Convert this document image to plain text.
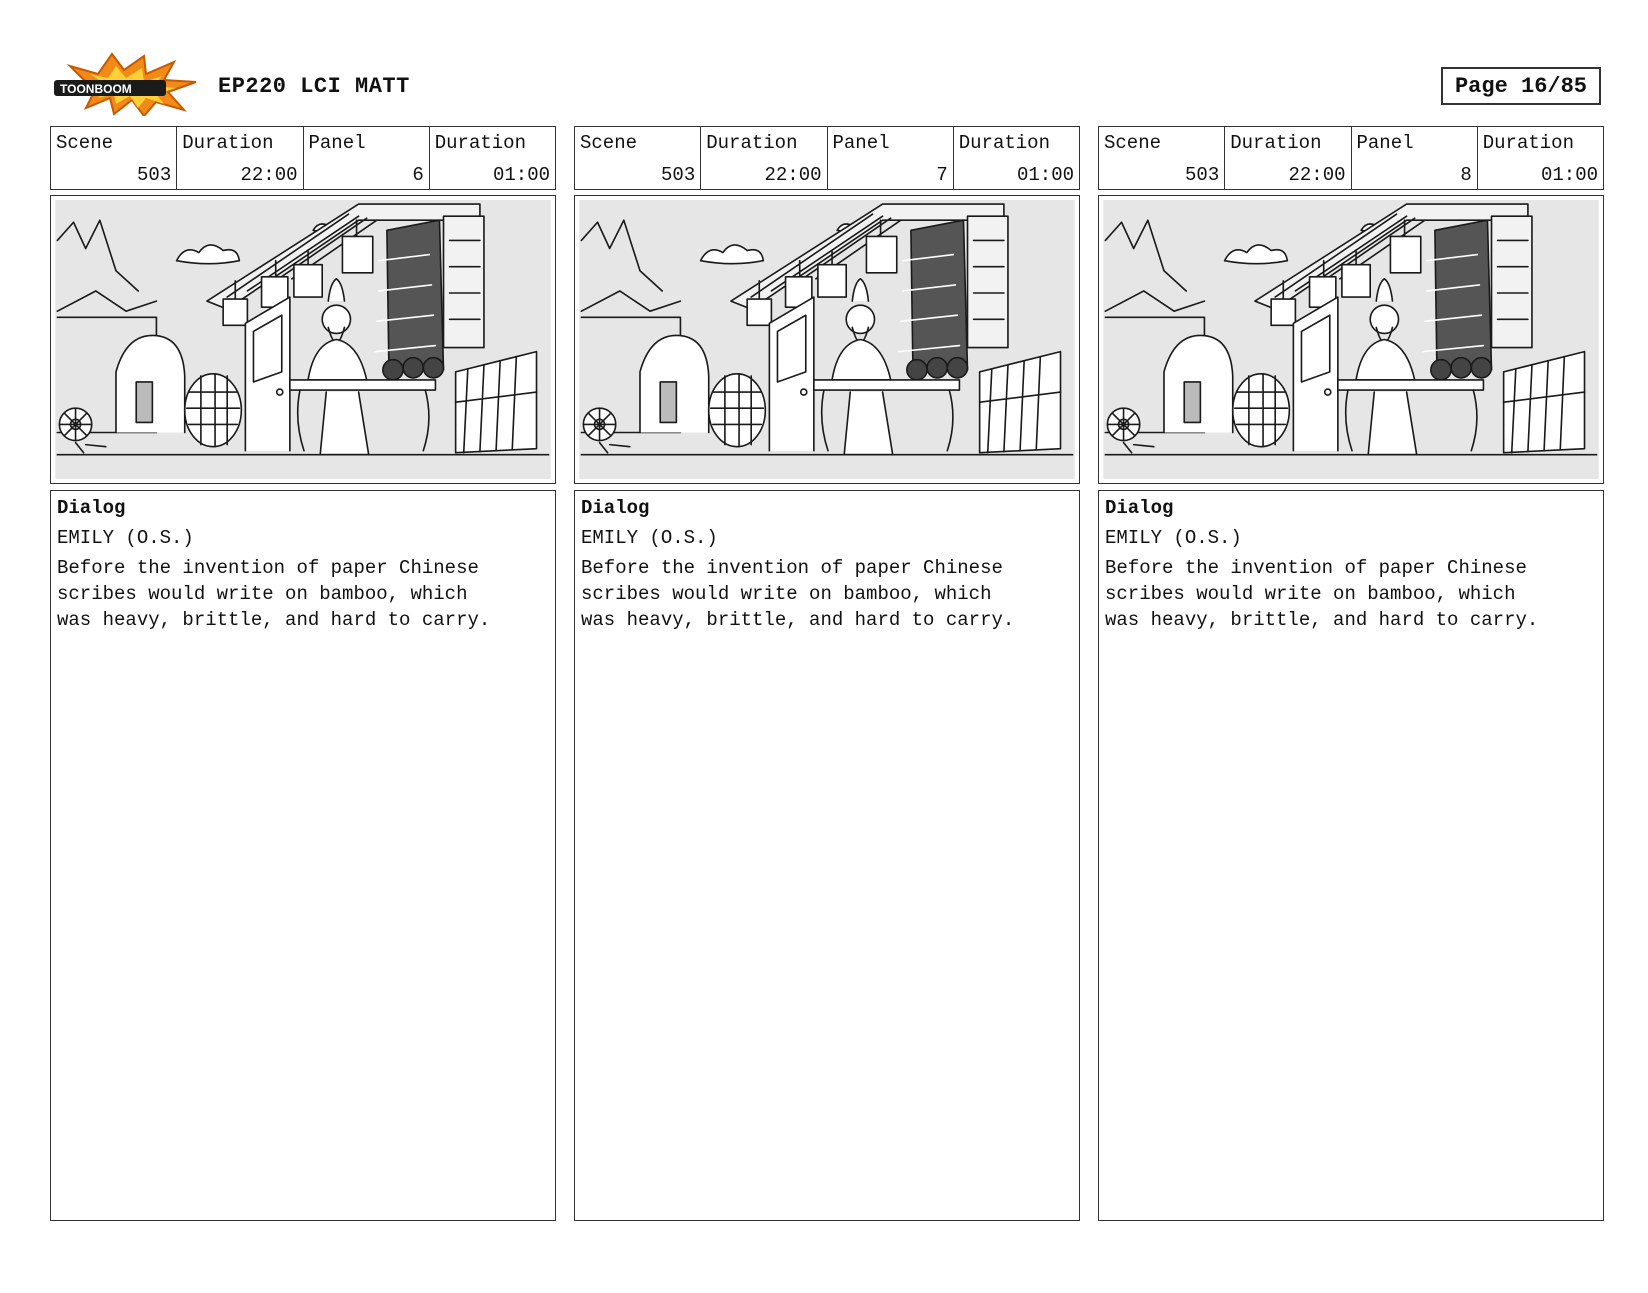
TOONBOOM	EP220 LCI MATT	Page 16/85
Scene
503
Duration
22:00
Panel
6
Duration
01:00
Dialog
EMILY (O.S.)
Before the invention of paper Chinese
scribes would write on bamboo, which
was heavy, brittle, and hard to carry.
Scene
503
Duration
22:00
Panel
7
Duration
01:00
Dialog
EMILY (O.S.)
Before the invention of paper Chinese
scribes would write on bamboo, which
was heavy, brittle, and hard to carry.
Scene
503
Duration
22:00
Panel
8
Duration
01:00
Dialog
EMILY (O.S.)
Before the invention of paper Chinese
scribes would write on bamboo, which
was heavy, brittle, and hard to carry.
